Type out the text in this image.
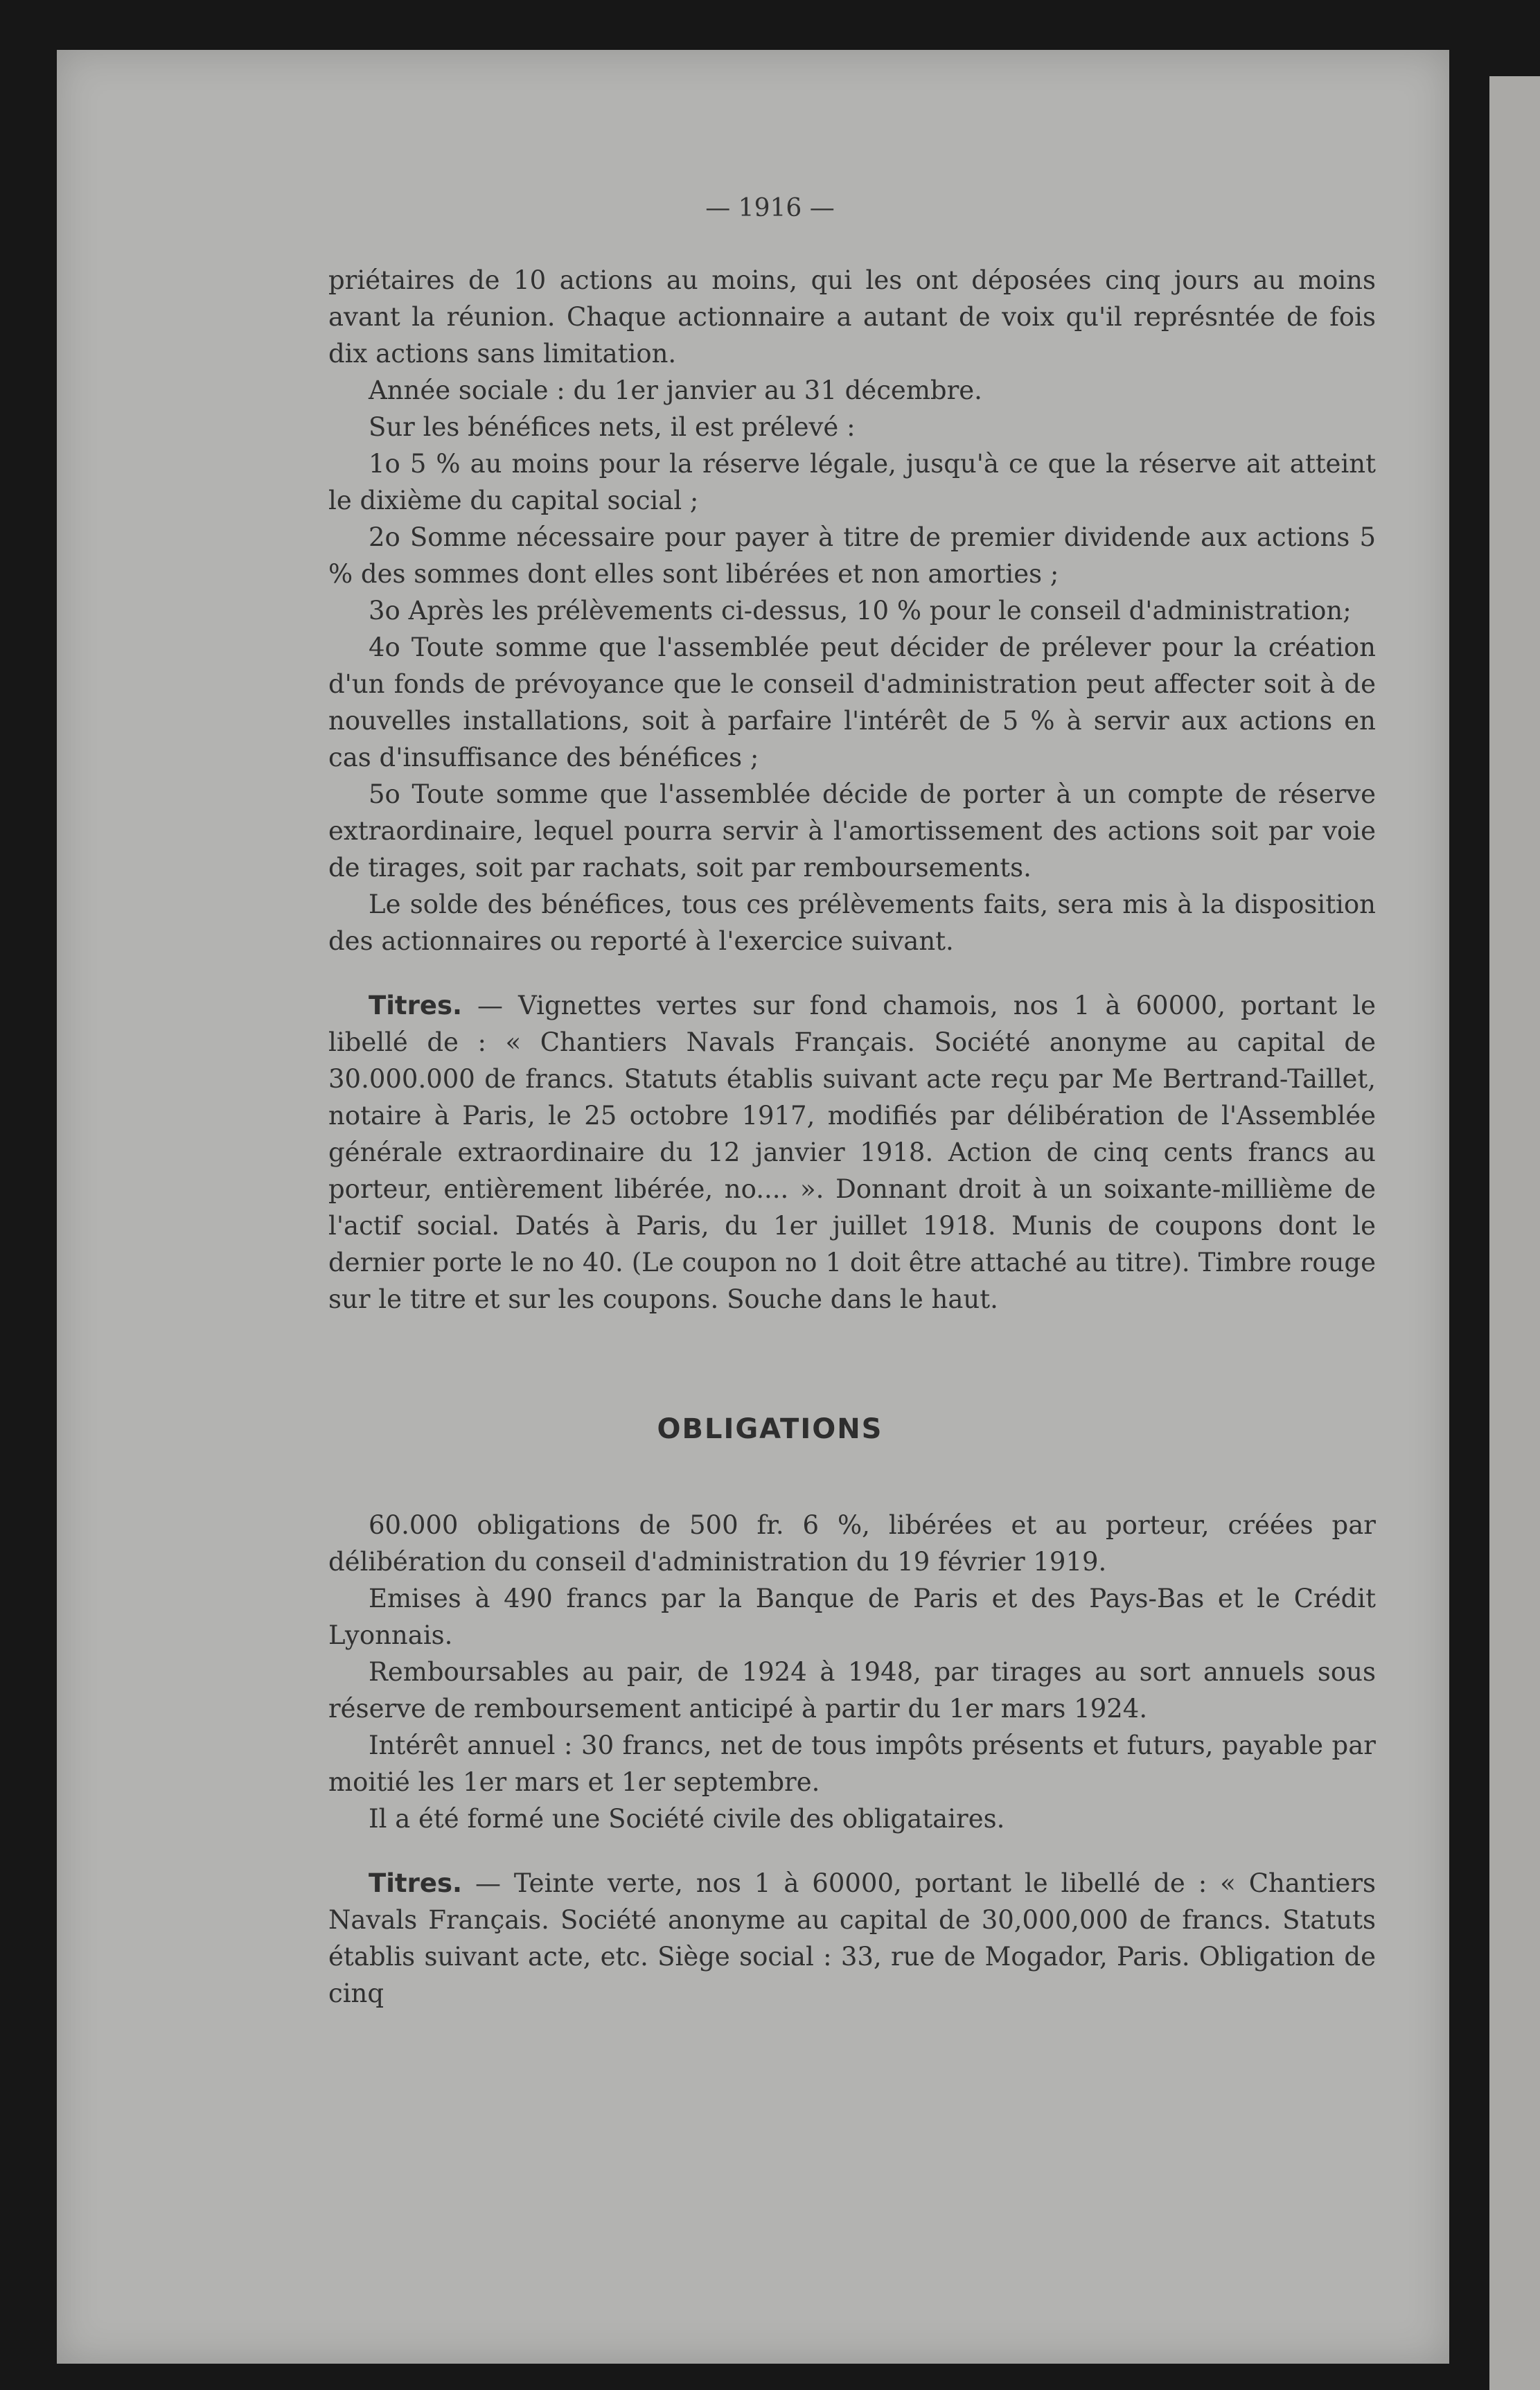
— 1916 —

priétaires de 10 actions au moins, qui les ont déposées cinq jours au moins avant la réunion. Chaque actionnaire a autant de voix qu'il représntée de fois dix actions sans limitation.

Année sociale : du 1er janvier au 31 décembre.

Sur les bénéfices nets, il est prélevé :

1o 5 % au moins pour la réserve légale, jusqu'à ce que la réserve ait atteint le dixième du capital social ;

2o Somme nécessaire pour payer à titre de premier dividende aux actions 5 % des sommes dont elles sont libérées et non amorties ;

3o Après les prélèvements ci-dessus, 10 % pour le conseil d'administration;

4o Toute somme que l'assemblée peut décider de prélever pour la création d'un fonds de prévoyance que le conseil d'administration peut affecter soit à de nouvelles installations, soit à parfaire l'intérêt de 5 % à servir aux actions en cas d'insuffisance des bénéfices ;

5o Toute somme que l'assemblée décide de porter à un compte de réserve extraordinaire, lequel pourra servir à l'amortissement des actions soit par voie de tirages, soit par rachats, soit par remboursements.

Le solde des bénéfices, tous ces prélèvements faits, sera mis à la disposition des actionnaires ou reporté à l'exercice suivant.

Titres. — Vignettes vertes sur fond chamois, nos 1 à 60000, portant le libellé de : « Chantiers Navals Français. Société anonyme au capital de 30.000.000 de francs. Statuts établis suivant acte reçu par Me Bertrand-Taillet, notaire à Paris, le 25 octobre 1917, modifiés par délibération de l'Assemblée générale extraordinaire du 12 janvier 1918. Action de cinq cents francs au porteur, entièrement libérée, no.... ». Donnant droit à un soixante-millième de l'actif social. Datés à Paris, du 1er juillet 1918. Munis de coupons dont le dernier porte le no 40. (Le coupon no 1 doit être attaché au titre). Timbre rouge sur le titre et sur les coupons. Souche dans le haut.

OBLIGATIONS

60.000 obligations de 500 fr. 6 %, libérées et au porteur, créées par délibération du conseil d'administration du 19 février 1919.

Emises à 490 francs par la Banque de Paris et des Pays-Bas et le Crédit Lyonnais.

Remboursables au pair, de 1924 à 1948, par tirages au sort annuels sous réserve de remboursement anticipé à partir du 1er mars 1924.

Intérêt annuel : 30 francs, net de tous impôts présents et futurs, payable par moitié les 1er mars et 1er septembre.

Il a été formé une Société civile des obligataires.

Titres. — Teinte verte, nos 1 à 60000, portant le libellé de : « Chantiers Navals Français. Société anonyme au capital de 30,000,000 de francs. Statuts établis suivant acte, etc. Siège social : 33, rue de Mogador, Paris. Obligation de cinq
